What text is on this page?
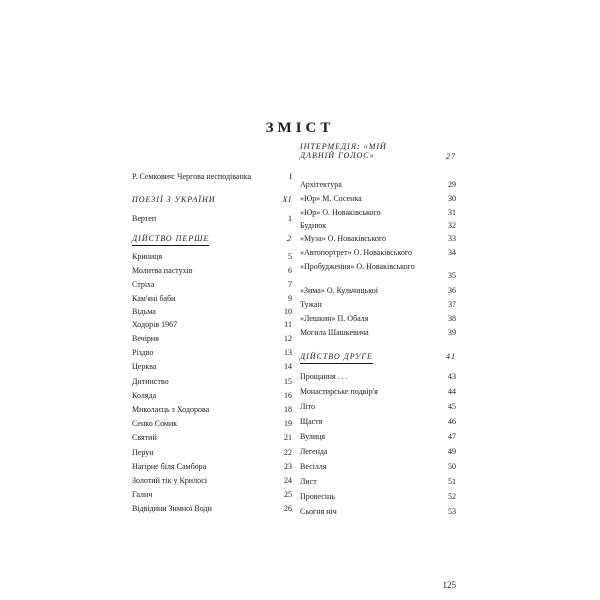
ЗМІСТ
Р. Семкович: Чергова несподіванка	I
ПОЕЗІЇ З УКРАЇНИ	XI
Вертеп	1
ДІЙСТВО ПЕРШЕ	2
Криниця	5
Молитва пастухів	6
Стріха	7
Кам'яні баби	9
Відьма	10
Ходорів 1967	11
Вечірня	12
Різдво	13
Церква	14
Дитинство	15
Коляда	16
Миколаєць з Ходорова	18
Сенко Сомик	19
Святий	21
Перун	22
Нагірне біля Самбора	23
Золотий тік у Крилосі	24
Галич	25
Відвідини Зимної Води	26
ІНТЕРМЕДІЯ: «МІЙ ДАВНІЙ ГОЛОС»	27
Архітектура	29
«Юр» М. Сосенка	30
«Юр» О. Новаківського	31
Буднюк	32
«Муза» О. Новаківського	33
«Автопортрет» О. Новаківського	34
«Пробудження» О. Новаківського
35
«Зима» О. Кульчицької	36
Тужан	37
«Лешкин» П. Обаля	38
Могила Шашкевича	39
ДІЙСТВО ДРУГЕ	41
Прощання . . .	43
Монастирське подвір'я	44
Літо	45
Щастя	46
Вулиця	47
Легенда	49
Весілля	50
Лист	51
Провесінь	52
Сьогня ніч	53
125
